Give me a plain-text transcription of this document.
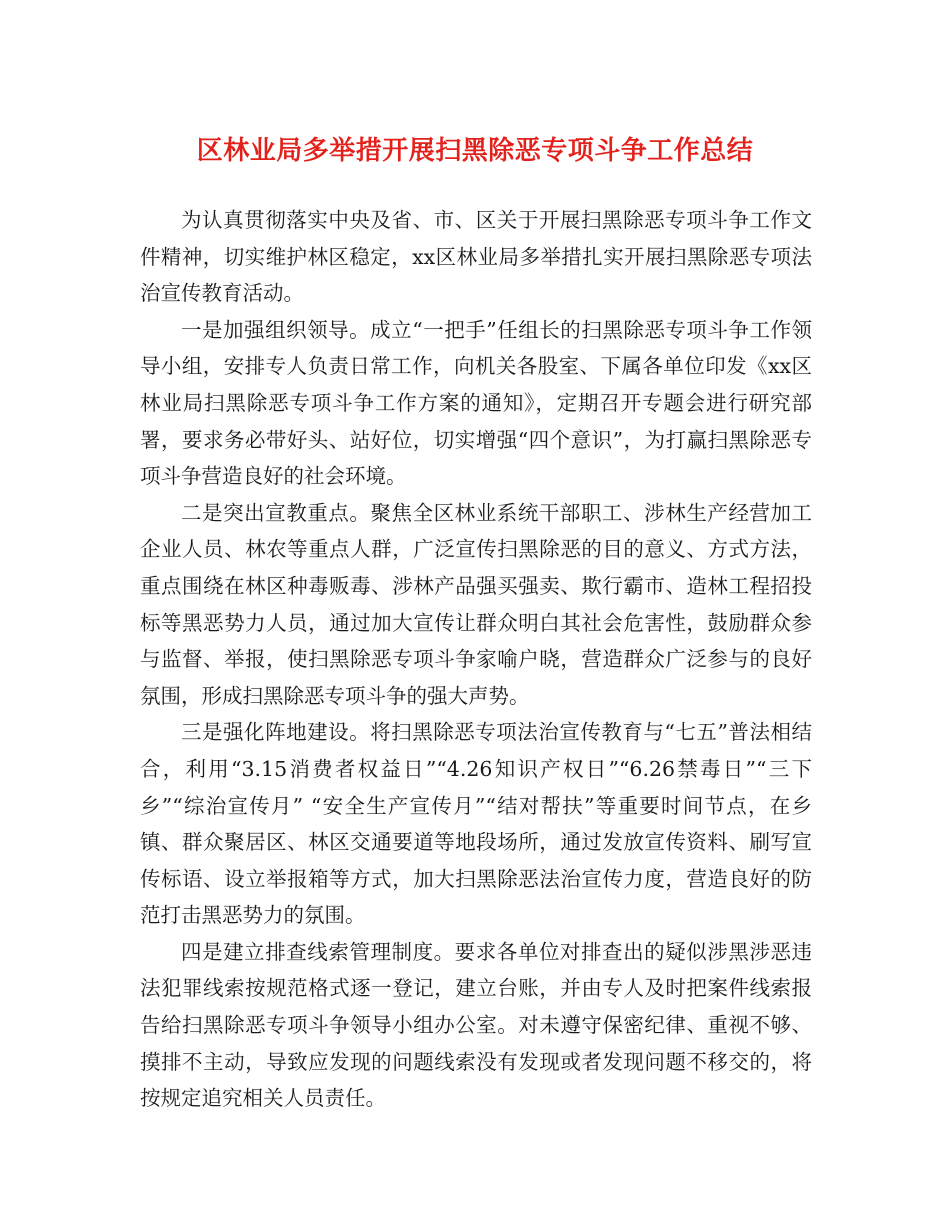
区林业局多举措开展扫黑除恶专项斗争工作总结

为认真贯彻落实中央及省、市、区关于开展扫黑除恶专项斗争工作文件精神，切实维护林区稳定，xx区林业局多举措扎实开展扫黑除恶专项法治宣传教育活动。

一是加强组织领导。成立“一把手”任组长的扫黑除恶专项斗争工作领导小组，安排专人负责日常工作，向机关各股室、下属各单位印发《xx区林业局扫黑除恶专项斗争工作方案的通知》，定期召开专题会进行研究部署，要求务必带好头、站好位，切实增强“四个意识”，为打赢扫黑除恶专项斗争营造良好的社会环境。

二是突出宣教重点。聚焦全区林业系统干部职工、涉林生产经营加工企业人员、林农等重点人群，广泛宣传扫黑除恶的目的意义、方式方法，重点围绕在林区种毒贩毒、涉林产品强买强卖、欺行霸市、造林工程招投标等黑恶势力人员，通过加大宣传让群众明白其社会危害性，鼓励群众参与监督、举报，使扫黑除恶专项斗争家喻户晓，营造群众广泛参与的良好氛围，形成扫黑除恶专项斗争的强大声势。

三是强化阵地建设。将扫黑除恶专项法治宣传教育与“七五”普法相结合，利用“3.15消费者权益日”“4.26知识产权日”“6.26禁毒日”“三下乡”“综治宣传月” “安全生产宣传月”“结对帮扶”等重要时间节点，在乡镇、群众聚居区、林区交通要道等地段场所，通过发放宣传资料、刷写宣传标语、设立举报箱等方式，加大扫黑除恶法治宣传力度，营造良好的防范打击黑恶势力的氛围。

四是建立排查线索管理制度。要求各单位对排查出的疑似涉黑涉恶违法犯罪线索按规范格式逐一登记，建立台账，并由专人及时把案件线索报告给扫黑除恶专项斗争领导小组办公室。对未遵守保密纪律、重视不够、摸排不主动，导致应发现的问题线索没有发现或者发现问题不移交的，将按规定追究相关人员责任。
